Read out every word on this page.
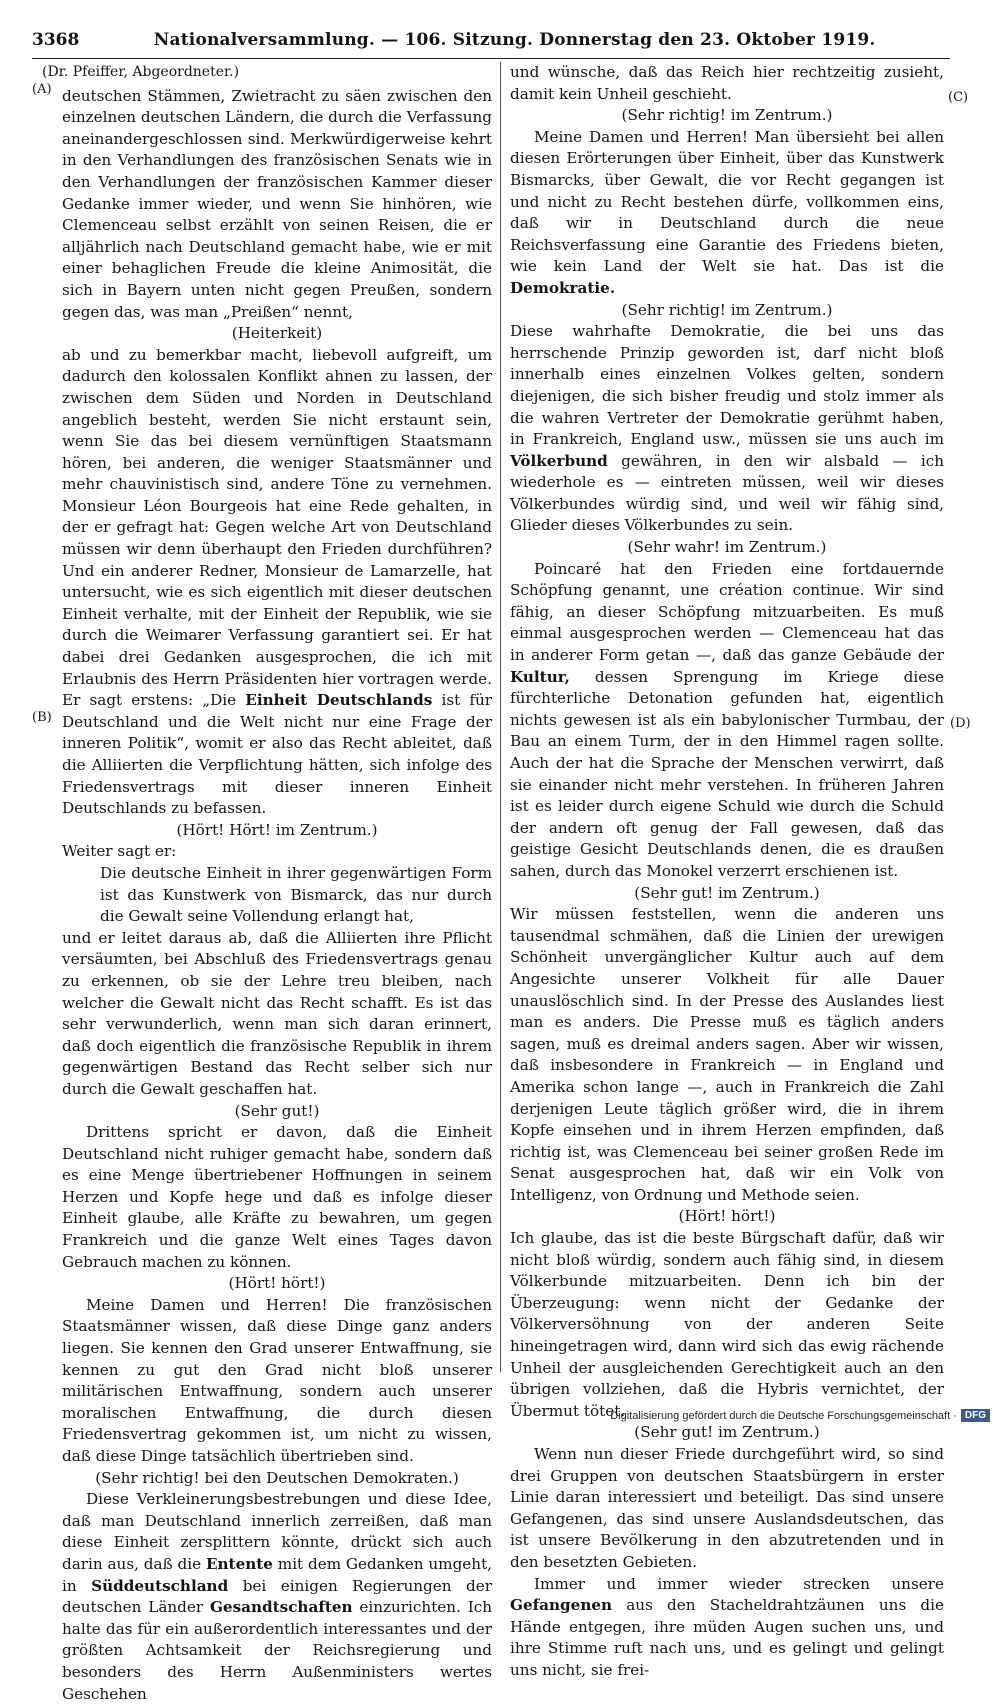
3368	Nationalversammlung. — 106. Sitzung. Donnerstag den 23. Oktober 1919.
(A)
(B)
(C)
(D)

(Dr. Pfeiffer, Abgeordneter.)

deutschen Stämmen, Zwietracht zu säen zwischen den einzelnen deutschen Ländern, die durch die Verfassung aneinandergeschlossen sind. Merkwürdigerweise kehrt in den Verhandlungen des französischen Senats wie in den Verhandlungen der französischen Kammer dieser Gedanke immer wieder, und wenn Sie hinhören, wie Clemenceau selbst erzählt von seinen Reisen, die er alljährlich nach Deutschland gemacht habe, wie er mit einer behaglichen Freude die kleine Animosität, die sich in Bayern unten nicht gegen Preußen, sondern gegen das, was man „Preißen“ nennt,

(Heiterkeit)

ab und zu bemerkbar macht, liebevoll aufgreift, um dadurch den kolossalen Konflikt ahnen zu lassen, der zwischen dem Süden und Norden in Deutschland angeblich besteht, werden Sie nicht erstaunt sein, wenn Sie das bei diesem vernünftigen Staatsmann hören, bei anderen, die weniger Staatsmänner und mehr chauvinistisch sind, andere Töne zu vernehmen. Monsieur Léon Bourgeois hat eine Rede gehalten, in der er gefragt hat: Gegen welche Art von Deutschland müssen wir denn überhaupt den Frieden durchführen? Und ein anderer Redner, Monsieur de Lamarzelle, hat untersucht, wie es sich eigentlich mit dieser deutschen Einheit verhalte, mit der Einheit der Republik, wie sie durch die Weimarer Verfassung garantiert sei. Er hat dabei drei Gedanken ausgesprochen, die ich mit Erlaubnis des Herrn Präsidenten hier vortragen werde. Er sagt erstens: „Die Einheit Deutschlands ist für Deutschland und die Welt nicht nur eine Frage der inneren Politik“, womit er also das Recht ableitet, daß die Alliierten die Verpflichtung hätten, sich infolge des Friedensvertrags mit dieser inneren Einheit Deutschlands zu befassen.

(Hört! Hört! im Zentrum.)

Weiter sagt er:

Die deutsche Einheit in ihrer gegenwärtigen Form ist das Kunstwerk von Bismarck, das nur durch die Gewalt seine Vollendung erlangt hat,

und er leitet daraus ab, daß die Alliierten ihre Pflicht versäumten, bei Abschluß des Friedensvertrags genau zu erkennen, ob sie der Lehre treu bleiben, nach welcher die Gewalt nicht das Recht schafft. Es ist das sehr verwunderlich, wenn man sich daran erinnert, daß doch eigentlich die französische Republik in ihrem gegenwärtigen Bestand das Recht selber sich nur durch die Gewalt geschaffen hat.

(Sehr gut!)

Drittens spricht er davon, daß die Einheit Deutschland nicht ruhiger gemacht habe, sondern daß es eine Menge übertriebener Hoffnungen in seinem Herzen und Kopfe hege und daß es infolge dieser Einheit glaube, alle Kräfte zu bewahren, um gegen Frankreich und die ganze Welt eines Tages davon Gebrauch machen zu können.

(Hört! hört!)

Meine Damen und Herren! Die französischen Staatsmänner wissen, daß diese Dinge ganz anders liegen. Sie kennen den Grad unserer Entwaffnung, sie kennen zu gut den Grad nicht bloß unserer militärischen Entwaffnung, sondern auch unserer moralischen Entwaffnung, die durch diesen Friedensvertrag gekommen ist, um nicht zu wissen, daß diese Dinge tatsächlich übertrieben sind.

(Sehr richtig! bei den Deutschen Demokraten.)

Diese Verkleinerungsbestrebungen und diese Idee, daß man Deutschland innerlich zerreißen, daß man diese Einheit zersplittern könnte, drückt sich auch darin aus, daß die Entente mit dem Gedanken umgeht, in Süddeutschland bei einigen Regierungen der deutschen Länder Gesandtschaften einzurichten. Ich halte das für ein außerordentlich interessantes und der größten Achtsamkeit der Reichsregierung und besonders des Herrn Außenministers wertes Geschehen

und wünsche, daß das Reich hier rechtzeitig zusieht, damit kein Unheil geschieht.

(Sehr richtig! im Zentrum.)

Meine Damen und Herren! Man übersieht bei allen diesen Erörterungen über Einheit, über das Kunstwerk Bismarcks, über Gewalt, die vor Recht gegangen ist und nicht zu Recht bestehen dürfe, vollkommen eins, daß wir in Deutschland durch die neue Reichsverfassung eine Garantie des Friedens bieten, wie kein Land der Welt sie hat. Das ist die Demokratie.

(Sehr richtig! im Zentrum.)

Diese wahrhafte Demokratie, die bei uns das herrschende Prinzip geworden ist, darf nicht bloß innerhalb eines einzelnen Volkes gelten, sondern diejenigen, die sich bisher freudig und stolz immer als die wahren Vertreter der Demokratie gerühmt haben, in Frankreich, England usw., müssen sie uns auch im Völkerbund gewähren, in den wir alsbald — ich wiederhole es — eintreten müssen, weil wir dieses Völkerbundes würdig sind, und weil wir fähig sind, Glieder dieses Völkerbundes zu sein.

(Sehr wahr! im Zentrum.)

Poincaré hat den Frieden eine fortdauernde Schöpfung genannt, une création continue. Wir sind fähig, an dieser Schöpfung mitzuarbeiten. Es muß einmal ausgesprochen werden — Clemenceau hat das in anderer Form getan —, daß das ganze Gebäude der Kultur, dessen Sprengung im Kriege diese fürchterliche Detonation gefunden hat, eigentlich nichts gewesen ist als ein babylonischer Turmbau, der Bau an einem Turm, der in den Himmel ragen sollte. Auch der hat die Sprache der Menschen verwirrt, daß sie einander nicht mehr verstehen. In früheren Jahren ist es leider durch eigene Schuld wie durch die Schuld der andern oft genug der Fall gewesen, daß das geistige Gesicht Deutschlands denen, die es draußen sahen, durch das Monokel verzerrt erschienen ist.

(Sehr gut! im Zentrum.)

Wir müssen feststellen, wenn die anderen uns tausendmal schmähen, daß die Linien der urewigen Schönheit unvergänglicher Kultur auch auf dem Angesichte unserer Volkheit für alle Dauer unauslöschlich sind. In der Presse des Auslandes liest man es anders. Die Presse muß es täglich anders sagen, muß es dreimal anders sagen. Aber wir wissen, daß insbesondere in Frankreich — in England und Amerika schon lange —, auch in Frankreich die Zahl derjenigen Leute täglich größer wird, die in ihrem Kopfe einsehen und in ihrem Herzen empfinden, daß richtig ist, was Clemenceau bei seiner großen Rede im Senat ausgesprochen hat, daß wir ein Volk von Intelligenz, von Ordnung und Methode seien.

(Hört! hört!)

Ich glaube, das ist die beste Bürgschaft dafür, daß wir nicht bloß würdig, sondern auch fähig sind, in diesem Völkerbunde mitzuarbeiten. Denn ich bin der Überzeugung: wenn nicht der Gedanke der Völkerversöhnung von der anderen Seite hineingetragen wird, dann wird sich das ewig rächende Unheil der ausgleichenden Gerechtigkeit auch an den übrigen vollziehen, daß die Hybris vernichtet, der Übermut tötet.

(Sehr gut! im Zentrum.)

Wenn nun dieser Friede durchgeführt wird, so sind drei Gruppen von deutschen Staatsbürgern in erster Linie daran interessiert und beteiligt. Das sind unsere Gefangenen, das sind unsere Auslandsdeutschen, das ist unsere Bevölkerung in den abzutretenden und in den besetzten Gebieten.

Immer und immer wieder strecken unsere Gefangenen aus den Stacheldrahtzäunen uns die Hände entgegen, ihre müden Augen suchen uns, und ihre Stimme ruft nach uns, und es gelingt und gelingt uns nicht, sie frei-

Digitalisierung gefördert durch die Deutsche Forschungsgemeinschaft · DFG
